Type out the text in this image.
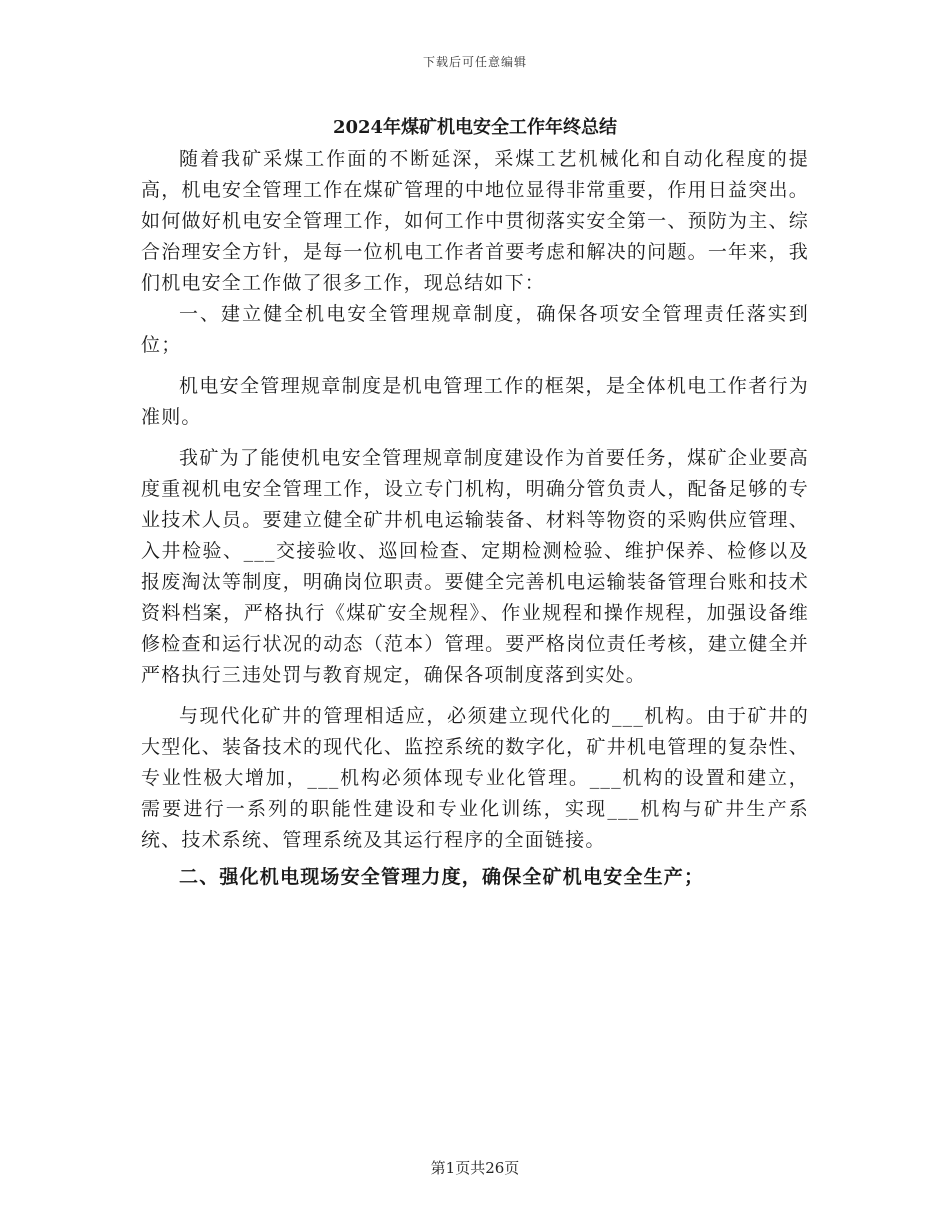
下载后可任意编辑
2024年煤矿机电安全工作年终总结

随着我矿采煤工作面的不断延深，采煤工艺机械化和自动化程度的提高，机电安全管理工作在煤矿管理的中地位显得非常重要，作用日益突出。如何做好机电安全管理工作，如何工作中贯彻落实安全第一、预防为主、综合治理安全方针，是每一位机电工作者首要考虑和解决的问题。一年来，我们机电安全工作做了很多工作，现总结如下：

一、建立健全机电安全管理规章制度，确保各项安全管理责任落实到位；

机电安全管理规章制度是机电管理工作的框架，是全体机电工作者行为准则。

我矿为了能使机电安全管理规章制度建设作为首要任务，煤矿企业要高度重视机电安全管理工作，设立专门机构，明确分管负责人，配备足够的专业技术人员。要建立健全矿井机电运输装备、材料等物资的采购供应管理、入井检验、___交接验收、巡回检查、定期检测检验、维护保养、检修以及报废淘汰等制度，明确岗位职责。要健全完善机电运输装备管理台账和技术资料档案，严格执行《煤矿安全规程》、作业规程和操作规程，加强设备维修检查和运行状况的动态（范本）管理。要严格岗位责任考核，建立健全并严格执行三违处罚与教育规定，确保各项制度落到实处。

与现代化矿井的管理相适应，必须建立现代化的___机构。由于矿井的大型化、装备技术的现代化、监控系统的数字化，矿井机电管理的复杂性、专业性极大增加，___机构必须体现专业化管理。___机构的设置和建立，需要进行一系列的职能性建设和专业化训练，实现___机构与矿井生产系统、技术系统、管理系统及其运行程序的全面链接。

二、强化机电现场安全管理力度，确保全矿机电安全生产；

第1页共26页
